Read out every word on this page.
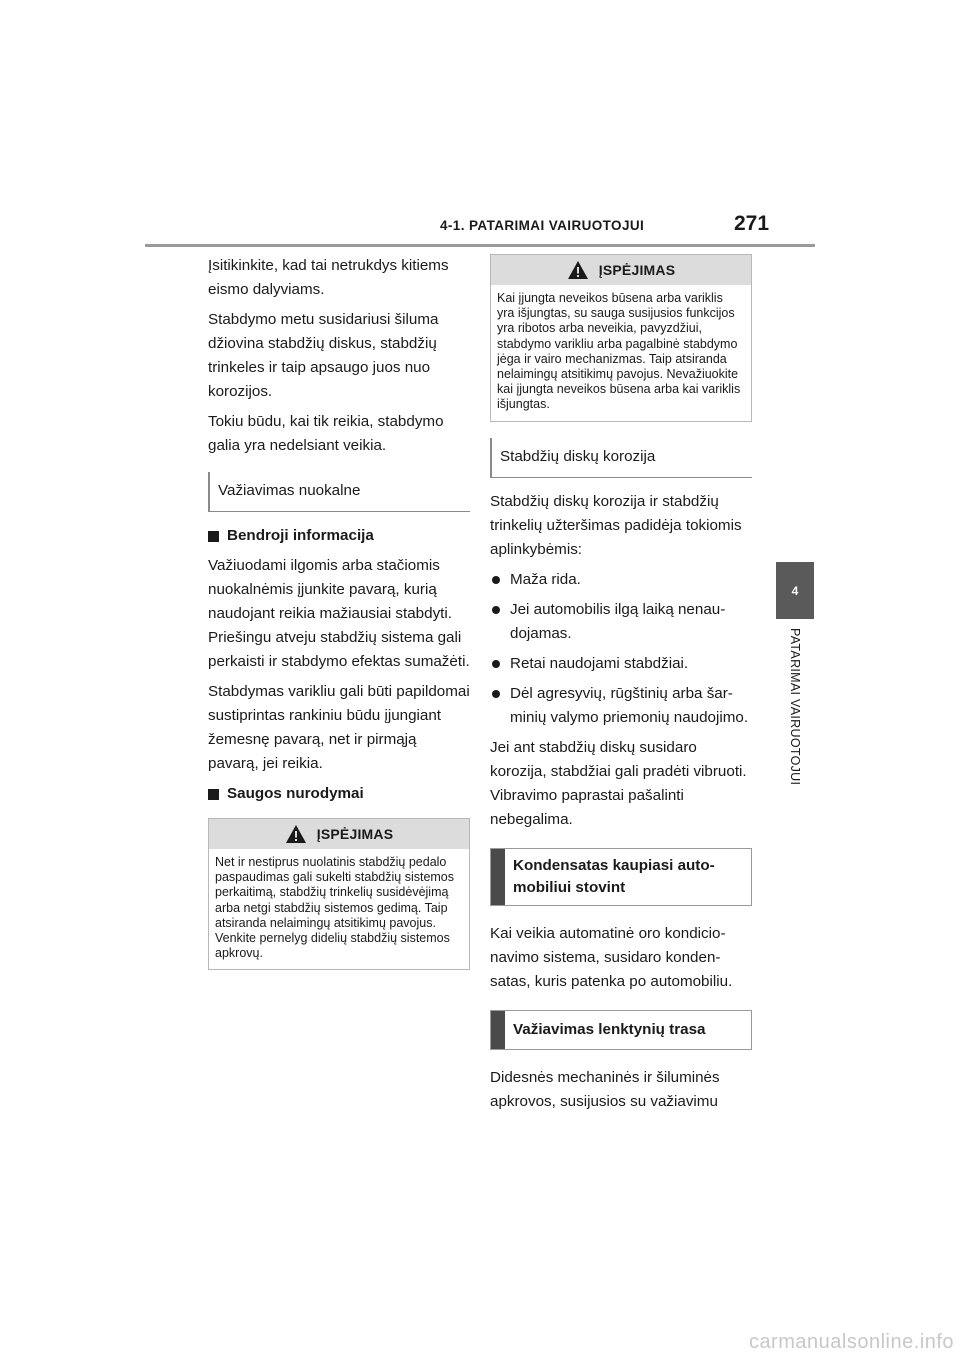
4-1. PATARIMAI VAIRUOTOJUI	271
4
PATARIMAI VAIRUOTOJUI

Įsitikinkite, kad tai netrukdys kitiems eismo dalyviams.

Stabdymo metu susidariusi šiluma džiovina stabdžių diskus, stabdžių trinkeles ir taip apsaugo juos nuo korozijos.

Tokiu būdu, kai tik reikia, stabdymo galia yra nedelsiant veikia.

Važiavimas nuokalne
Bendroji informacija

Važiuodami ilgomis arba stačiomis nuokalnėmis įjunkite pavarą, kurią naudojant reikia mažiausiai stabdyti. Priešingu atveju stabdžių sistema gali perkaisti ir stabdymo efektas sumažėti.

Stabdymas varikliu gali būti papildomai sustiprintas rankiniu būdu įjungiant žemesnę pavarą, net ir pirmąją pavarą, jei reikia.

Saugos nurodymai
ĮSPĖJIMAS
Net ir nestiprus nuolatinis stabdžių pedalo paspaudimas gali sukelti stabdžių sistemos perkaitimą, stabdžių trinkelių susidėvėjimą arba netgi stabdžių sistemos gedimą. Taip atsiranda nelaimingų atsitikimų pavojus. Venkite pernelyg didelių stabdžių sistemos apkrovų.
ĮSPĖJIMAS
Kai įjungta neveikos būsena arba variklis yra išjungtas, su sauga susijusios funkcijos yra ribotos arba neveikia, pavyzdžiui, stabdymo varikliu arba pagalbinė stabdymo jėga ir vairo mechanizmas. Taip atsiranda nelaimingų atsitikimų pavojus. Nevažiuokite kai įjungta neveikos būsena arba kai variklis išjungtas.
Stabdžių diskų korozija

Stabdžių diskų korozija ir stabdžių trinkelių užteršimas padidėja tokiomis aplinkybėmis:

Maža rida.
Jei automobilis ilgą laiką nenaudojamas.
Retai naudojami stabdžiai.
Dėl agresyvių, rūgštinių arba šarminių valymo priemonių naudojimo.

Jei ant stabdžių diskų susidaro korozija, stabdžiai gali pradėti vibruoti. Vibravimo paprastai pašalinti nebegalima.

Kondensatas kaupiasi automobiliui stovint

Kai veikia automatinė oro kondicionavimo sistema, susidaro kondensatas, kuris patenka po automobiliu.

Važiavimas lenktynių trasa

Didesnės mechaninės ir šiluminės apkrovos, susijusios su važiavimu

carmanualsonline.info
